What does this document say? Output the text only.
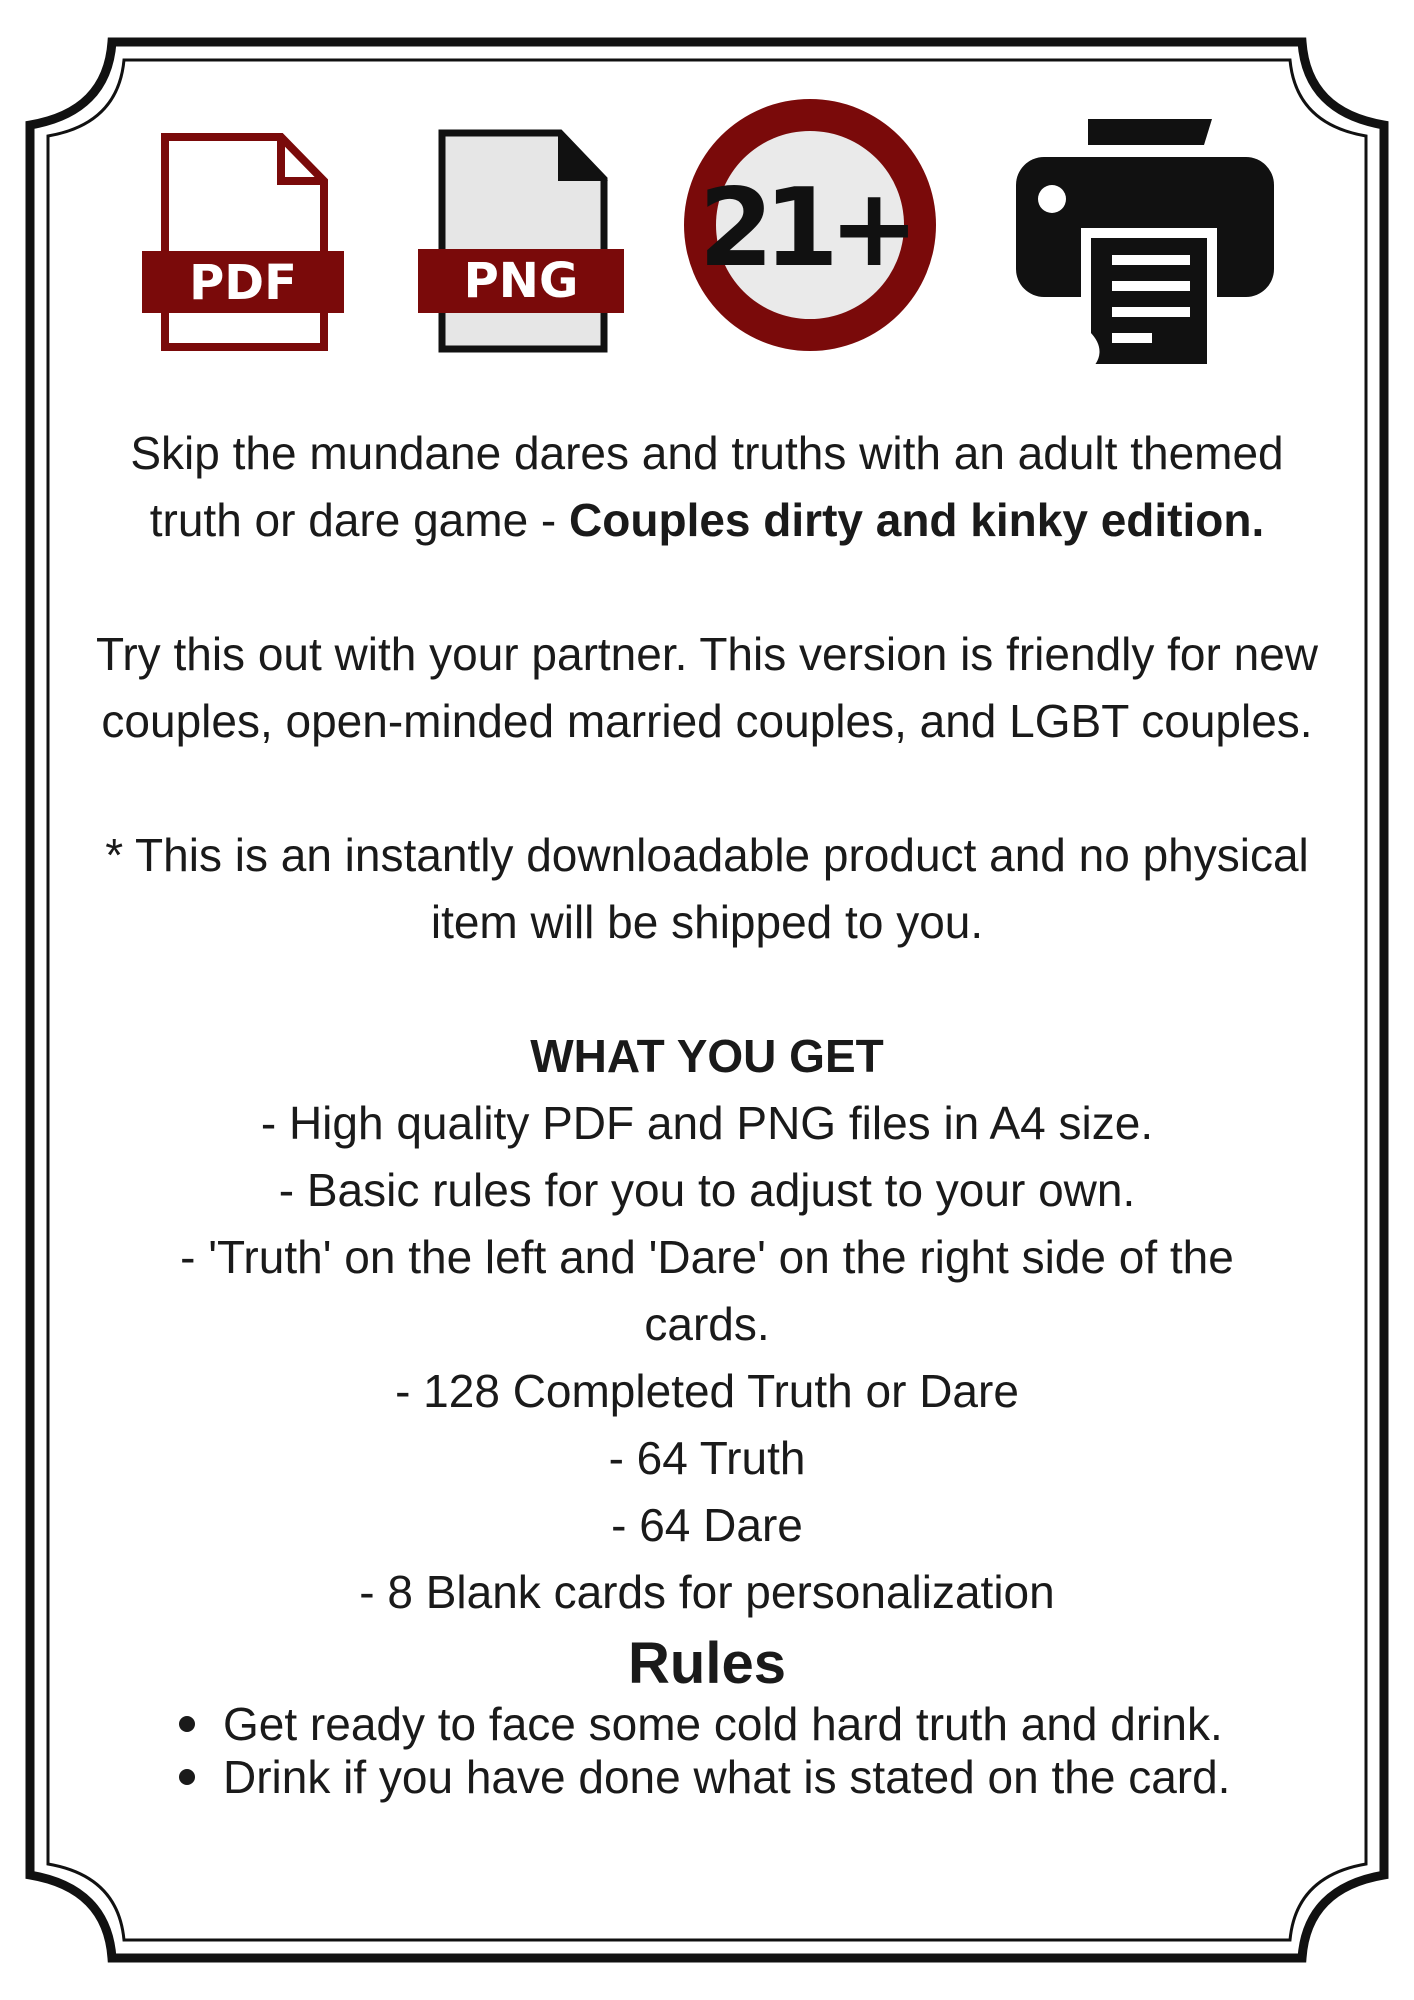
PDF	PNG 21+

Skip the mundane dares and truths with an adult themed truth or dare game - Couples dirty and kinky edition.

Try this out with your partner. This version is friendly for new couples, open-minded married couples, and LGBT couples.

* This is an instantly downloadable product and no physical item will be shipped to you.

WHAT YOU GET

- High quality PDF and PNG files in A4 size.

- Basic rules for you to adjust to your own.

- 'Truth' on the left and 'Dare' on the right side of the cards.

- 128 Completed Truth or Dare

- 64 Truth

- 64 Dare

- 8 Blank cards for personalization

Rules

Get ready to face some cold hard truth and drink.
Drink if you have done what is stated on the card.
